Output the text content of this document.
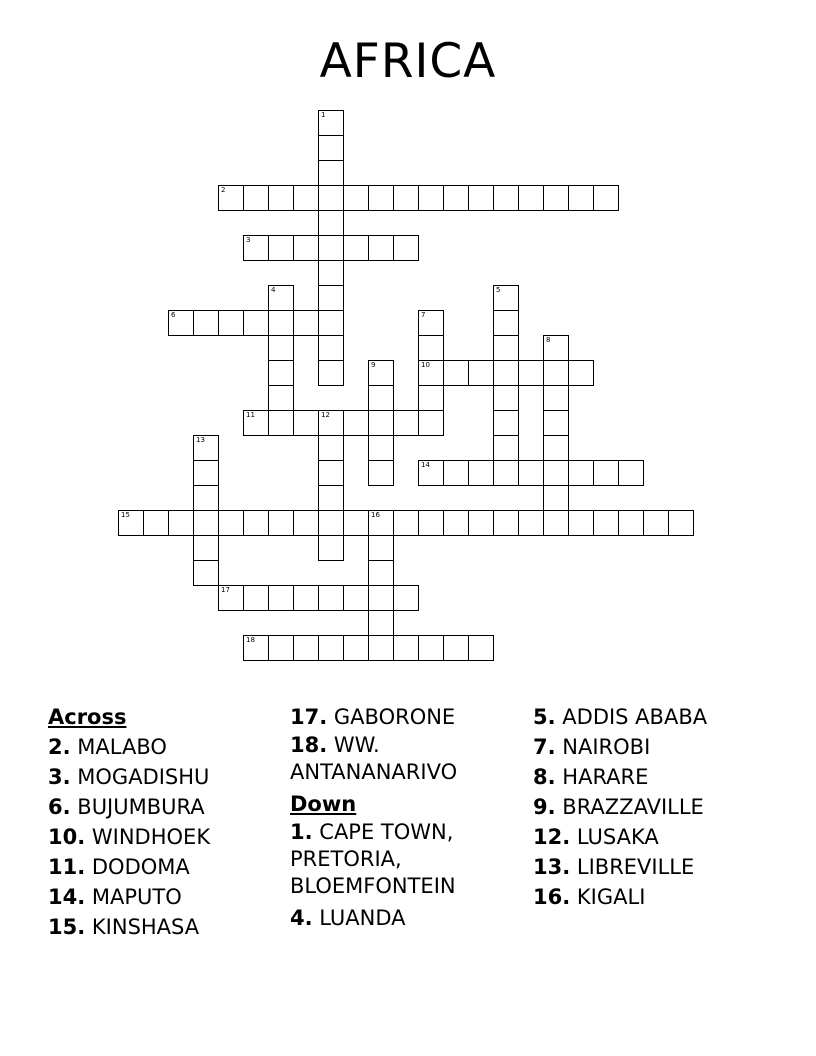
AFRICA
1
2
3
4	5
6	7
10
8
9
11	12
13
14
15	16
17
18
Across
2. MALABO
3. MOGADISHU
6. BUJUMBURA
10. WINDHOEK
11. DODOMA
14. MAPUTO
15. KINSHASA
17. GABORONE
18. WW.
ANTANANARIVO
Down
1. CAPE TOWN,
PRETORIA,
BLOEMFONTEIN
4. LUANDA
5. ADDIS ABABA
7. NAIROBI
8. HARARE
9. BRAZZAVILLE
12. LUSAKA
13. LIBREVILLE
16. KIGALI
